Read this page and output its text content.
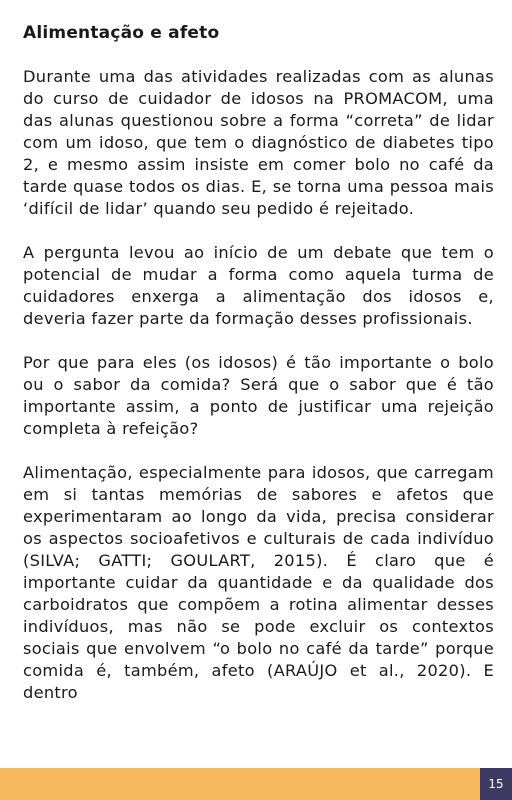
Alimentação e afeto

Durante uma das atividades realizadas com as alunas do curso de cuidador de idosos na PROMACOM, uma das alunas questionou sobre a forma “correta” de lidar com um idoso, que tem o diagnóstico de diabetes tipo 2, e mesmo assim insiste em comer bolo no café da tarde quase todos os dias. E, se torna uma pessoa mais ‘difícil de lidar’ quando seu pedido é rejeitado.

A pergunta levou ao início de um debate que tem o potencial de mudar a forma como aquela turma de cuidadores enxerga a alimentação dos idosos e, deveria fazer parte da formação desses profissionais.

Por que para eles (os idosos) é tão importante o bolo ou o sabor da comida? Será que o sabor que é tão importante assim, a ponto de justificar uma rejeição completa à refeição?

Alimentação, especialmente para idosos, que carregam em si tantas memórias de sabores e afetos que experimentaram ao longo da vida, precisa considerar os aspectos socioafetivos e culturais de cada indivíduo (SILVA; GATTI; GOULART, 2015). É claro que é importante cuidar da quantidade e da qualidade dos carboidratos que compõem a rotina alimentar desses indivíduos, mas não se pode excluir os contextos sociais que envolvem “o bolo no café da tarde” porque comida é, também, afeto (ARAÚJO et al., 2020). E dentro

15
